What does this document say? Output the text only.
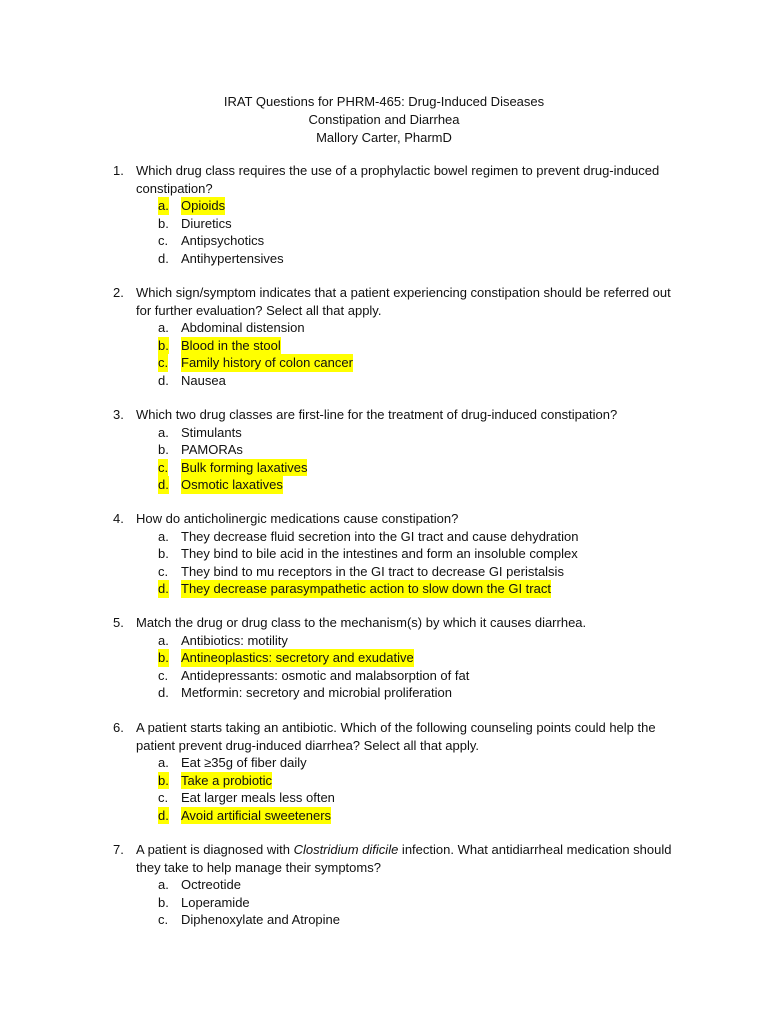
IRAT Questions for PHRM-465: Drug-Induced Diseases
Constipation and Diarrhea
Mallory Carter, PharmD
1. Which drug class requires the use of a prophylactic bowel regimen to prevent drug-induced constipation?
a. Opioids
b. Diuretics
c. Antipsychotics
d. Antihypertensives
2. Which sign/symptom indicates that a patient experiencing constipation should be referred out for further evaluation? Select all that apply.
a. Abdominal distension
b. Blood in the stool
c. Family history of colon cancer
d. Nausea
3. Which two drug classes are first-line for the treatment of drug-induced constipation?
a. Stimulants
b. PAMORAs
c. Bulk forming laxatives
d. Osmotic laxatives
4. How do anticholinergic medications cause constipation?
a. They decrease fluid secretion into the GI tract and cause dehydration
b. They bind to bile acid in the intestines and form an insoluble complex
c. They bind to mu receptors in the GI tract to decrease GI peristalsis
d. They decrease parasympathetic action to slow down the GI tract
5. Match the drug or drug class to the mechanism(s) by which it causes diarrhea.
a. Antibiotics: motility
b. Antineoplastics: secretory and exudative
c. Antidepressants: osmotic and malabsorption of fat
d. Metformin: secretory and microbial proliferation
6. A patient starts taking an antibiotic. Which of the following counseling points could help the patient prevent drug-induced diarrhea? Select all that apply.
a. Eat ≥35g of fiber daily
b. Take a probiotic
c. Eat larger meals less often
d. Avoid artificial sweeteners
7. A patient is diagnosed with Clostridium dificile infection. What antidiarrheal medication should they take to help manage their symptoms?
a. Octreotide
b. Loperamide
c. Diphenoxylate and Atropine
